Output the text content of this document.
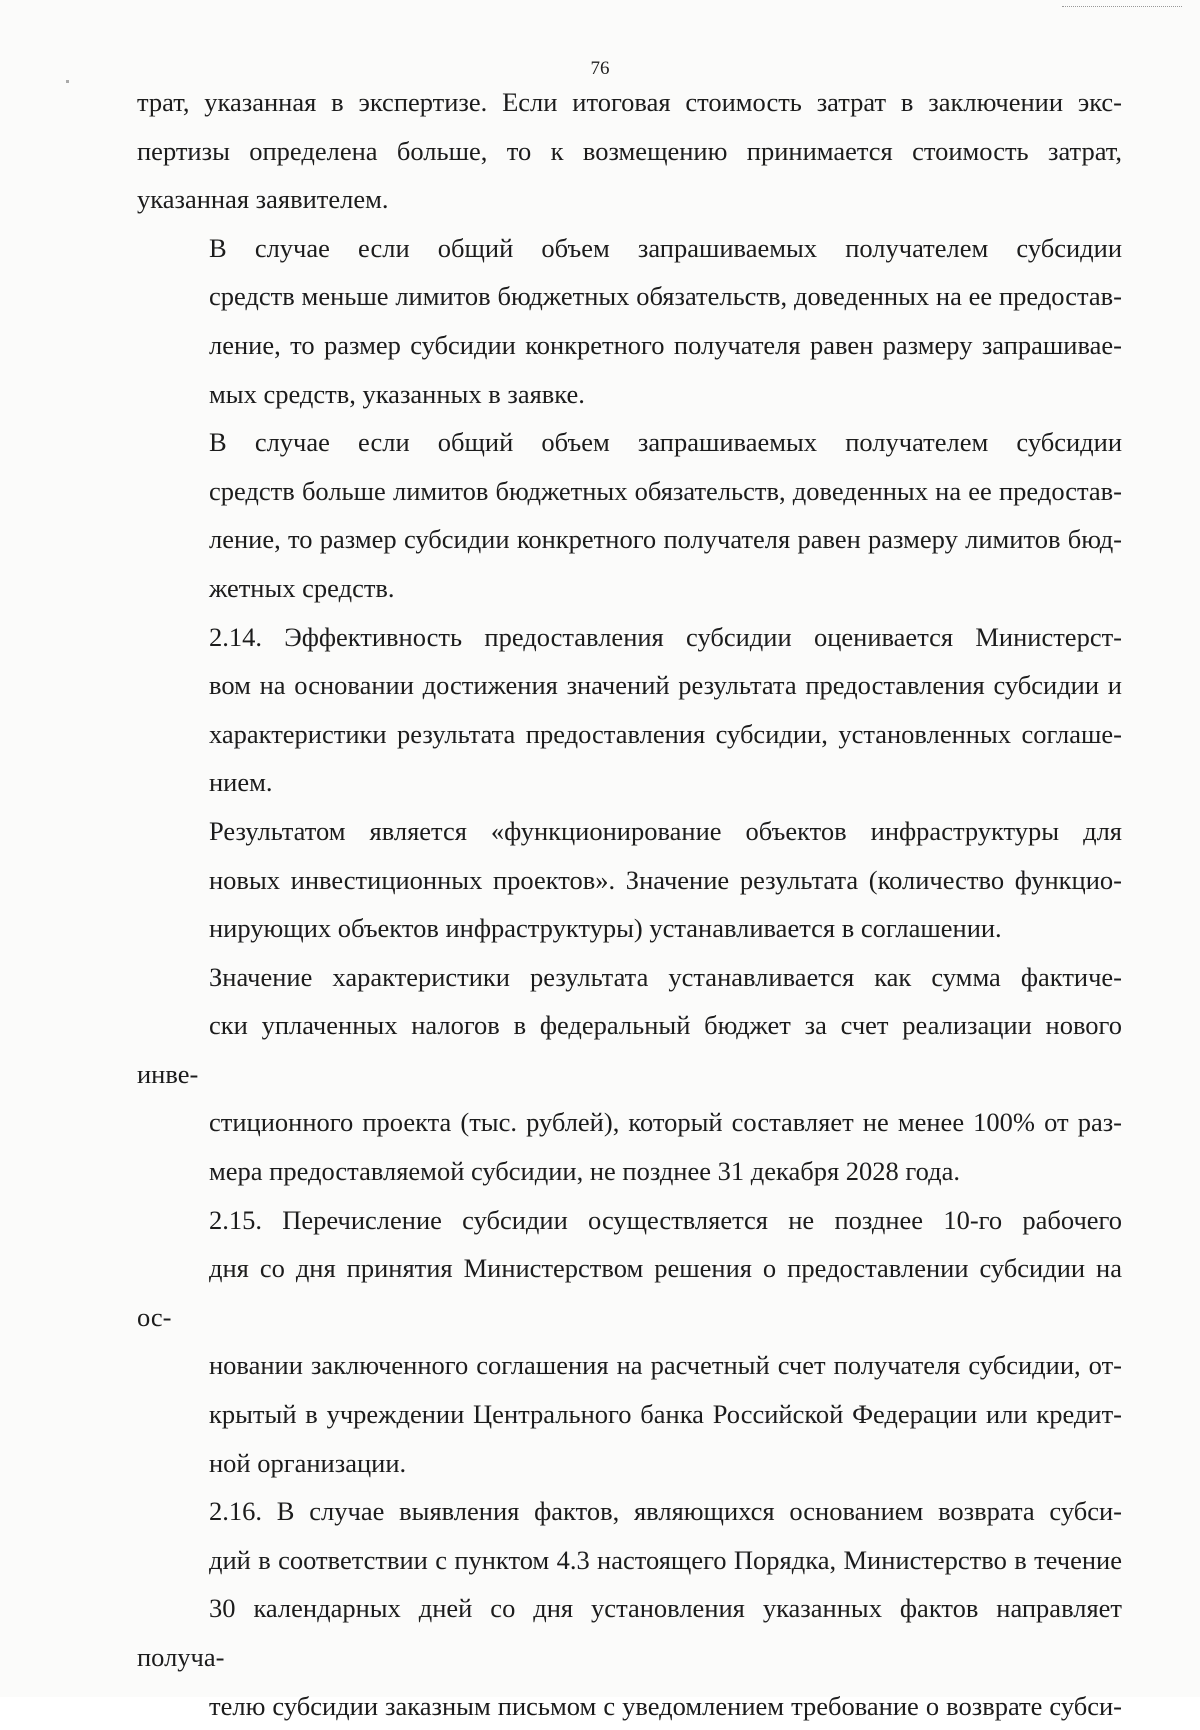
76

трат, указанная в экспертизе. Если итоговая стоимость затрат в заключении экс-
пертизы определена больше, то к возмещению принимается стоимость затрат,
указанная заявителем.

В случае если общий объем запрашиваемых получателем субсидии
средств меньше лимитов бюджетных обязательств, доведенных на ее предостав-
ление, то размер субсидии конкретного получателя равен размеру запрашивае-
мых средств, указанных в заявке.

В случае если общий объем запрашиваемых получателем субсидии
средств больше лимитов бюджетных обязательств, доведенных на ее предостав-
ление, то размер субсидии конкретного получателя равен размеру лимитов бюд-
жетных средств.

2.14. Эффективность предоставления субсидии оценивается Министерст-
вом на основании достижения значений результата предоставления субсидии и
характеристики результата предоставления субсидии, установленных соглаше-
нием.

Результатом является «функционирование объектов инфраструктуры для
новых инвестиционных проектов». Значение результата (количество функцио-
нирующих объектов инфраструктуры) устанавливается в соглашении.

Значение характеристики результата устанавливается как сумма фактиче-
ски уплаченных налогов в федеральный бюджет за счет реализации нового инве-
стиционного проекта (тыс. рублей), который составляет не менее 100% от раз-
мера предоставляемой субсидии, не позднее 31 декабря 2028 года.

2.15. Перечисление субсидии осуществляется не позднее 10-го рабочего
дня со дня принятия Министерством решения о предоставлении субсидии на ос-
новании заключенного соглашения на расчетный счет получателя субсидии, от-
крытый в учреждении Центрального банка Российской Федерации или кредит-
ной организации.

2.16. В случае выявления фактов, являющихся основанием возврата субси-
дий в соответствии с пунктом 4.3 настоящего Порядка, Министерство в течение
30 календарных дней со дня установления указанных фактов направляет получа-
телю субсидии заказным письмом с уведомлением требование о возврате субси-
